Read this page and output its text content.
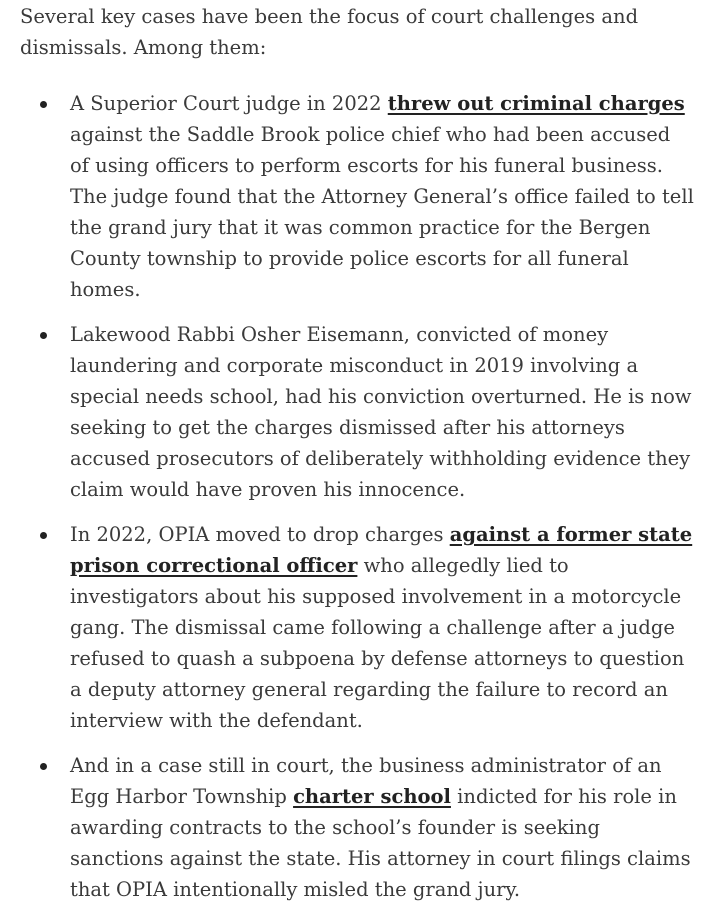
Several key cases have been the focus of court challenges and dismissals. Among them:

A Superior Court judge in 2022 threw out criminal charges against the Saddle Brook police chief who had been accused of using officers to perform escorts for his funeral business. The judge found that the Attorney General’s office failed to tell the grand jury that it was common practice for the Bergen County township to provide police escorts for all funeral homes.
Lakewood Rabbi Osher Eisemann, convicted of money laundering and corporate misconduct in 2019 involving a special needs school, had his conviction overturned. He is now seeking to get the charges dismissed after his attorneys accused prosecutors of deliberately withholding evidence they claim would have proven his innocence.
In 2022, OPIA moved to drop charges against a former state prison correctional officer who allegedly lied to investigators about his supposed involvement in a motorcycle gang. The dismissal came following a challenge after a judge refused to quash a subpoena by defense attorneys to question a deputy attorney general regarding the failure to record an interview with the defendant.
And in a case still in court, the business administrator of an Egg Harbor Township charter school indicted for his role in awarding contracts to the school’s founder is seeking sanctions against the state. His attorney in court filings claims that OPIA intentionally misled the grand jury.
